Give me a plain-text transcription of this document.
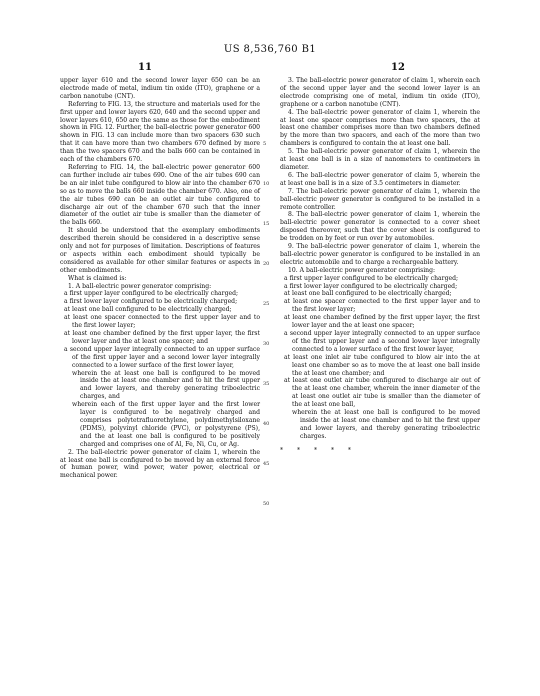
US 8,536,760 B1
11	12

upper layer 610 and the second lower layer 650 can be an electrode made of metal, indium tin oxide (ITO), graphene or a carbon nanotube (CNT).

Referring to FIG. 13, the structure and materials used for the first upper and lower layers 620, 640 and the second upper and lower layers 610, 650 are the same as those for the embodiment shown in FIG. 12. Further, the ball-electric power generator 600 shown in FIG. 13 can include more than two spacers 630 such that it can have more than two chambers 670 defined by more than the two spacers 670 and the balls 660 can be contained in each of the chambers 670.

Referring to FIG. 14, the ball-electric power generator 600 can further include air tubes 690. One of the air tubes 690 can be an air inlet tube configured to blow air into the chamber 670 so as to move the balls 660 inside the chamber 670. Also, one of the air tubes 690 can be an outlet air tube configured to discharge air out of the chamber 670 such that the inner diameter of the outlet air tube is smaller than the diameter of the balls 660.

It should be understood that the exemplary embodiments described therein should be considered in a descriptive sense only and not for purposes of limitation. Descriptions of features or aspects within each embodiment should typically be considered as available for other similar features or aspects in other embodiments.

What is claimed is:

1. A ball-electric power generator comprising:

a first upper layer configured to be electrically charged;

a first lower layer configured to be electrically charged;

at least one ball configured to be electrically charged;

at least one spacer connected to the first upper layer and to the first lower layer;

at least one chamber defined by the first upper layer, the first lower layer and the at least one spacer; and

a second upper layer integrally connected to an upper surface of the first upper layer and a second lower layer integrally connected to a lower surface of the first lower layer,

wherein the at least one ball is configured to be moved inside the at least one chamber and to hit the first upper and lower layers, and thereby generating triboelectric charges, and

wherein each of the first upper layer and the first lower layer is configured to be negatively charged and comprises polytetrafluorethylene, polydimethylsiloxane (PDMS), polyvinyl chloride (PVC), or polystyrene (PS), and the at least one ball is configured to be positively charged and comprises one of Al, Fe, Ni, Cu, or Ag.

2. The ball-electric power generator of claim 1, wherein the at least one ball is configured to be moved by an external force of human power, wind power, water power, electrical or mechanical power.

3. The ball-electric power generator of claim 1, wherein each of the second upper layer and the second lower layer is an electrode comprising one of metal, indium tin oxide (ITO), graphene or a carbon nanotube (CNT).

4. The ball-electric power generator of claim 1, wherein the at least one spacer comprises more than two spacers, the at least one chamber comprises more than two chambers defined by the more than two spacers, and each of the more than two chambers is configured to contain the at least one ball.

5. The ball-electric power generator of claim 1, wherein the at least one ball is in a size of nanometers to centimeters in diameter.

6. The ball-electric power generator of claim 5, wherein the at least one ball is in a size of 3.5 centimeters in diameter.

7. The ball-electric power generator of claim 1, wherein the ball-electric power generator is configured to be installed in a remote controller.

8. The ball-electric power generator of claim 1, wherein the ball-electric power generator is connected to a cover sheet disposed thereover, such that the cover sheet is configured to be trodden on by feet or run over by automobiles.

9. The ball-electric power generator of claim 1, wherein the ball-electric power generator is configured to be installed in an electric automobile and to charge a rechargeable battery.

10. A ball-electric power generator comprising:

a first upper layer configured to be electrically charged;

a first lower layer configured to be electrically charged;

at least one ball configured to be electrically charged;

at least one spacer connected to the first upper layer and to the first lower layer;

at least one chamber defined by the first upper layer, the first lower layer and the at least one spacer;

a second upper layer integrally connected to an upper surface of the first upper layer and a second lower layer integrally connected to a lower surface of the first lower layer,

at least one inlet air tube configured to blow air into the at least one chamber so as to move the at least one ball inside the at least one chamber; and

at least one outlet air tube configured to discharge air out of the at least one chamber, wherein the inner diameter of the at least one outlet air tube is smaller than the diameter of the at least one ball,

wherein the at least one ball is configured to be moved inside the at least one chamber and to hit the first upper and lower layers, and thereby generating triboelectric charges.

* * * * *

5
10
15
20
25
30
35
40
45
50
